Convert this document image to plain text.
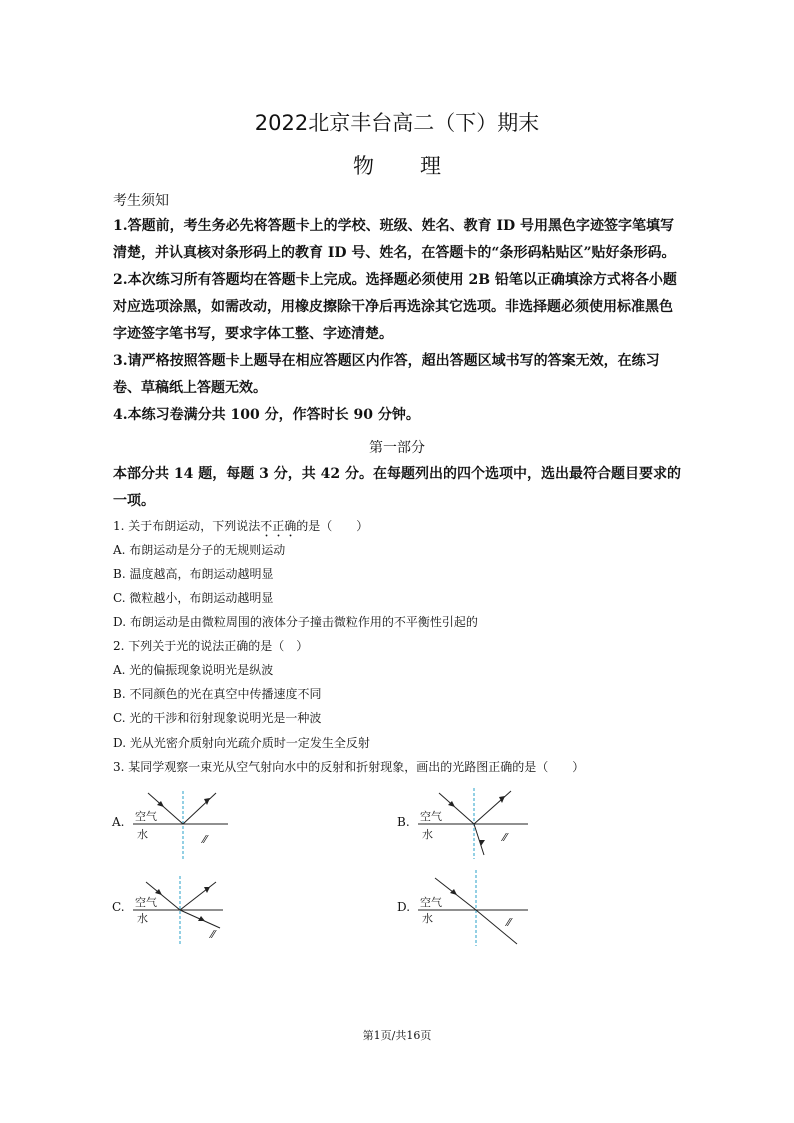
2022北京丰台高二（下）期末
物 理
考生须知
1.答题前，考生务必先将答题卡上的学校、班级、姓名、教育 ID 号用黑色字迹签字笔填写清楚，并认真核对条形码上的教育 ID 号、姓名，在答题卡的“条形码粘贴区”贴好条形码。
2.本次练习所有答题均在答题卡上完成。选择题必须使用 2B 铅笔以正确填涂方式将各小题对应选项涂黑，如需改动，用橡皮擦除干净后再选涂其它选项。非选择题必须使用标准黑色字迹签字笔书写，要求字体工整、字迹清楚。
3.请严格按照答题卡上题导在相应答题区内作答，超出答题区域书写的答案无效，在练习卷、草稿纸上答题无效。
4.本练习卷满分共 100 分，作答时长 90 分钟。
第一部分
本部分共 14 题，每题 3 分，共 42 分。在每题列出的四个选项中，选出最符合题目要求的一项。
1. 关于布朗运动，下列说法不正确的是（　　）
A. 布朗运动是分子的无规则运动
B. 温度越高，布朗运动越明显
C. 微粒越小，布朗运动越明显
D. 布朗运动是由微粒周围的液体分子撞击微粒作用的不平衡性引起的
2. 下列关于光的说法正确的是（　）
A. 光的偏振现象说明光是纵波
B. 不同颜色的光在真空中传播速度不同
C. 光的干涉和衍射现象说明光是一种波
D. 光从光密介质射向光疏介质时一定发生全反射
3. 某同学观察一束光从空气射向水中的反射和折射现象，画出的光路图正确的是（　　）
A.
⁄⁄
空气
水
B.
⁄⁄
空气
水
C.
⁄⁄
空气
水
D.
⁄⁄
空气
水
第1页/共16页
